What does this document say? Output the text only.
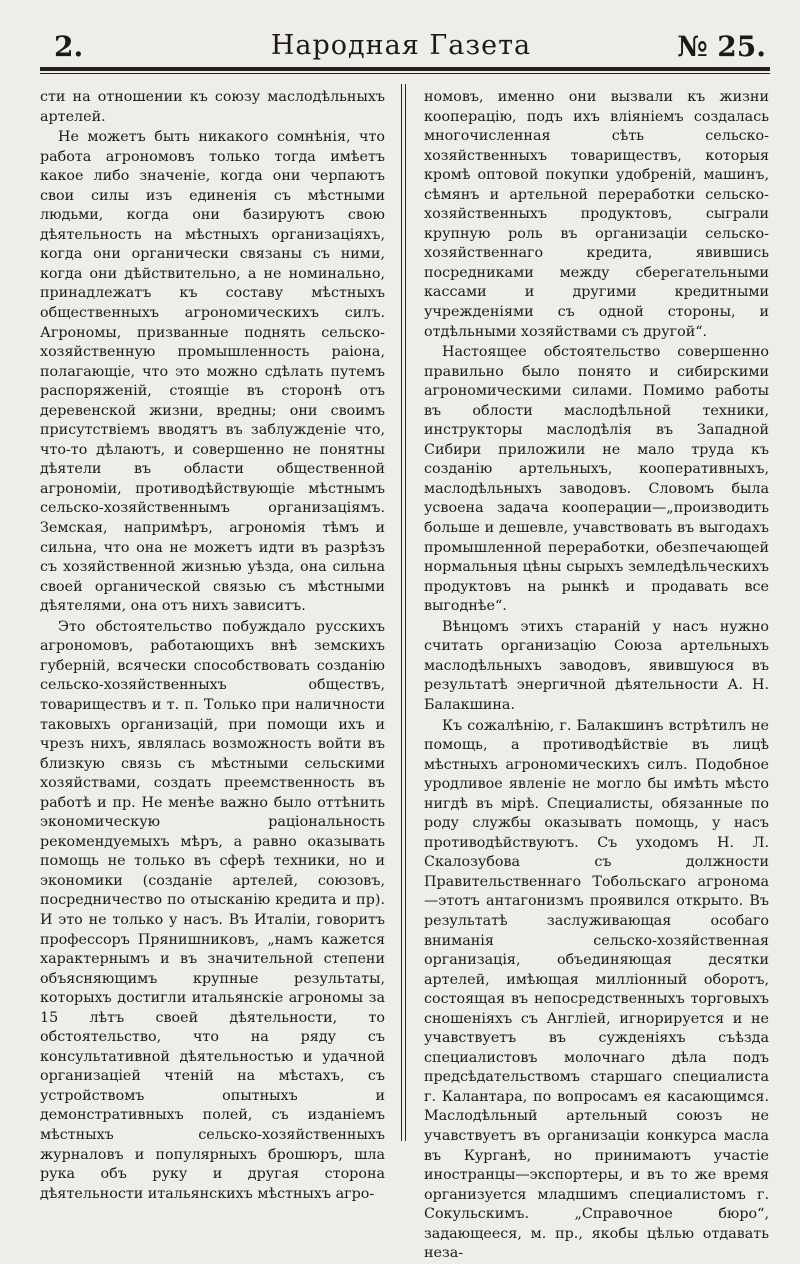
2.	Народная Газета	№ 25.

сти на отношении къ союзу маслодѣльныхъ артелей.

Не можетъ быть никакого сомнѣнія, что работа агрономовъ только тогда имѣетъ какое либо значеніе, когда они черпаютъ свои силы изъ единенія съ мѣстными людьми, когда они базируютъ свою дѣятельность на мѣстныхъ организаціяхъ, когда они органически связаны съ ними, когда они дѣйствительно, а не номинально, принадлежатъ къ составу мѣстныхъ общественныхъ агрономическихъ силъ. Агрономы, призванные поднять сельско-хозяйственную промышленность раіона, полагающіе, что это можно сдѣлать путемъ распоряженій, стоящіе въ сторонѣ отъ деревенской жизни, вредны; они своимъ присутствіемъ вводятъ въ заблужденіе что, что-то дѣлаютъ, и совершенно не понятны дѣятели въ области общественной агрономіи, противодѣйствующіе мѣстнымъ сельско-хозяйственнымъ организаціямъ. Земская, напримѣръ, агрономія тѣмъ и сильна, что она не можетъ идти въ разрѣзъ съ хозяйственной жизнью уѣзда, она сильна своей органической связью съ мѣстными дѣятелями, она отъ нихъ зависитъ.

Это обстоятельство побуждало русскихъ агрономовъ, работающихъ внѣ земскихъ губерній, всячески способствовать созданію сельско-хозяйственныхъ обществъ, товариществъ и т. п. Только при наличности таковыхъ организацій, при помощи ихъ и чрезъ нихъ, являлась возможность войти въ близкую связь съ мѣстными сельскими хозяйствами, создать преемственность въ работѣ и пр. Не менѣе важно было оттѣнить экономическую раціональность рекомендуемыхъ мѣръ, а равно оказывать помощь не только въ сферѣ техники, но и экономики (созданіе артелей, союзовъ, посредничество по отысканію кредита и пр). И это не только у насъ. Въ Италіи, говоритъ профессоръ Прянишниковъ, „намъ кажется характернымъ и въ значительной степени объясняющимъ крупные результаты, которыхъ достигли итальянскіе агрономы за 15 лѣтъ своей дѣятельности, то обстоятельство, что на ряду съ консультативной дѣятельностью и удачной организаціей чтеній на мѣстахъ, съ устройствомъ опытныхъ и демонстративныхъ полей, съ изданіемъ мѣстныхъ сельско-хозяйственныхъ журналовъ и популярныхъ брошюръ, шла рука объ руку и другая сторона дѣятельности итальянскихъ мѣстныхъ агро-

номовъ, именно они вызвали къ жизни кооперацію, подъ ихъ вліяніемъ создалась многочисленная сѣть сельско-хозяйственныхъ товариществъ, которыя кромѣ оптовой покупки удобреній, машинъ, сѣмянъ и артельной переработки сельско-хозяйственныхъ продуктовъ, сыграли крупную роль въ организаціи сельско-хозяйственнаго кредита, явившись посредниками между сберегательными кассами и другими кредитными учрежденіями съ одной стороны, и отдѣльными хозяйствами съ другой“.

Настоящее обстоятельство совершенно правильно было понято и сибирскими агрономическими силами. Помимо работы въ облости маслодѣльной техники, инструкторы маслодѣлія въ Западной Сибири приложили не мало труда къ созданію артельныхъ, кооперативныхъ, маслодѣльныхъ заводовъ. Словомъ была усвоена задача кооперации—„производить больше и дешевле, учавствовать въ выгодахъ промышленной переработки, обезпечающей нормальныя цѣны сырыхъ земледѣльческихъ продуктовъ на рынкѣ и продавать все выгоднѣе“.

Вѣнцомъ этихъ стараній у насъ нужно считать организацію Союза артельныхъ маслодѣльныхъ заводовъ, явившуюся въ результатѣ энергичной дѣятельности А. Н. Балакшина.

Къ сожалѣнію, г. Балакшинъ встрѣтилъ не помощь, а противодѣйствіе въ лицѣ мѣстныхъ агрономическихъ силъ. Подобное уродливое явленіе не могло бы имѣть мѣсто нигдѣ въ мірѣ. Специалисты, обязанные по роду службы оказывать помощь, у насъ противодѣйствуютъ. Съ уходомъ Н. Л. Скалозубова съ должности Правительственнаго Тобольскаго агронома—этотъ антагонизмъ проявился открыто. Въ результатѣ заслуживающая особаго вниманія сельско-хозяйственная организація, объединяющая десятки артелей, имѣющая милліонный оборотъ, состоящая въ непосредственныхъ торговыхъ сношеніяхъ съ Англіей, игнорируется и не учавствуетъ въ сужденіяхъ съѣзда специалистовъ молочнаго дѣла подъ предсѣдательствомъ старшаго специалиста г. Калантара, по вопросамъ ея касающимся. Маслодѣльный артельный союзъ не учавствуетъ въ организаціи конкурса масла въ Курганѣ, но принимаютъ участіе иностранцы—экспортеры, и въ то же время организуется младшимъ специалистомъ г. Сокульскимъ. „Справочное бюро“, задающееся, м. пр., якобы цѣлью отдавать неза-
